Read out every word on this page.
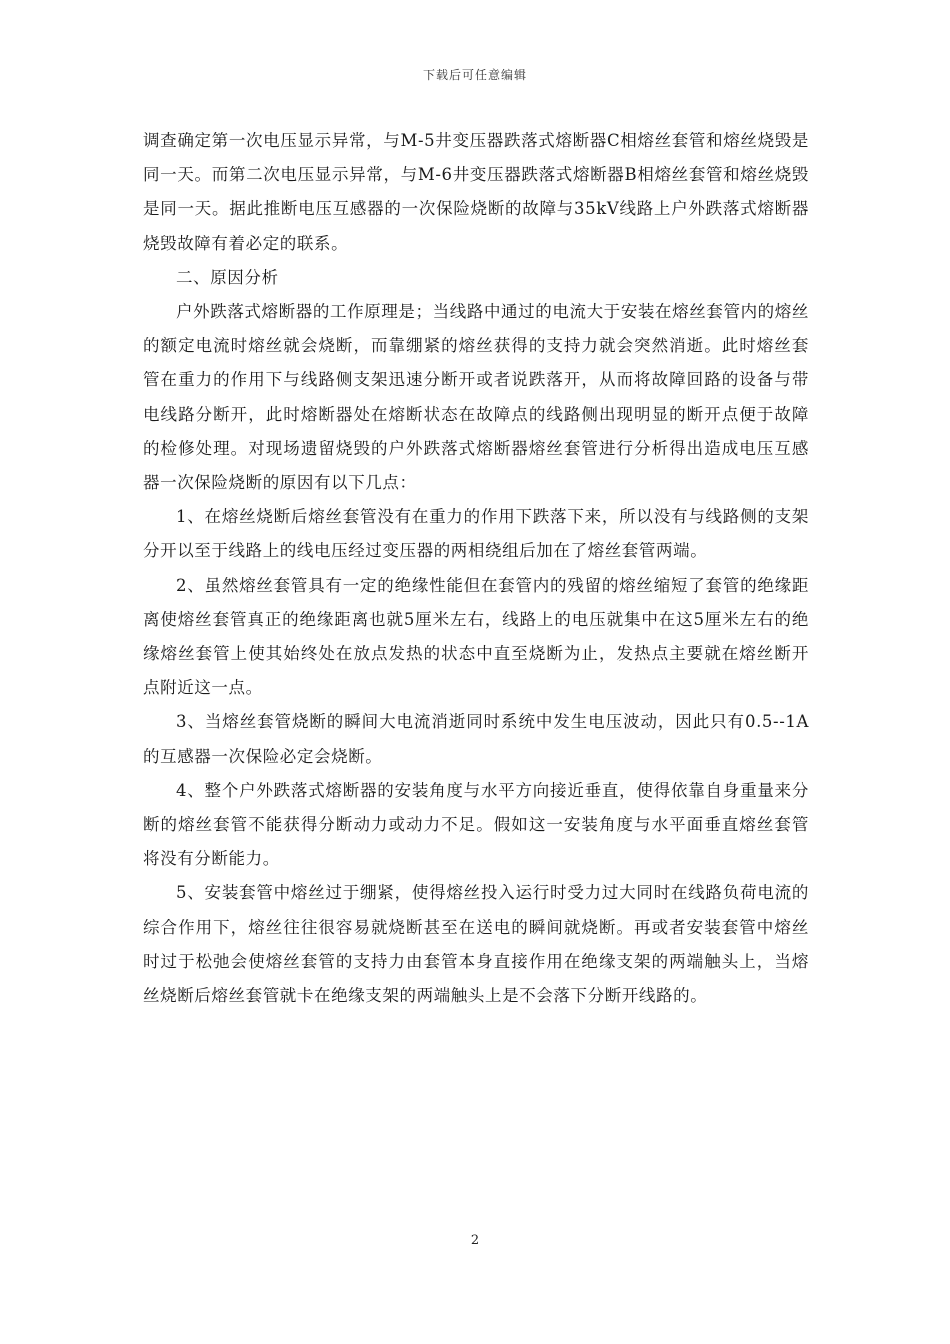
下载后可任意编辑

调查确定第一次电压显示异常，与M-5井变压器跌落式熔断器C相熔丝套管和熔丝烧毁是同一天。而第二次电压显示异常，与M-6井变压器跌落式熔断器B相熔丝套管和熔丝烧毁是同一天。据此推断电压互感器的一次保险烧断的故障与35kV线路上户外跌落式熔断器烧毁故障有着必定的联系。

二、原因分析

户外跌落式熔断器的工作原理是；当线路中通过的电流大于安装在熔丝套管内的熔丝的额定电流时熔丝就会烧断，而靠绷紧的熔丝获得的支持力就会突然消逝。此时熔丝套管在重力的作用下与线路侧支架迅速分断开或者说跌落开，从而将故障回路的设备与带电线路分断开，此时熔断器处在熔断状态在故障点的线路侧出现明显的断开点便于故障的检修处理。对现场遗留烧毁的户外跌落式熔断器熔丝套管进行分析得出造成电压互感器一次保险烧断的原因有以下几点：

1、在熔丝烧断后熔丝套管没有在重力的作用下跌落下来，所以没有与线路侧的支架分开以至于线路上的线电压经过变压器的两相绕组后加在了熔丝套管两端。

2、虽然熔丝套管具有一定的绝缘性能但在套管内的残留的熔丝缩短了套管的绝缘距离使熔丝套管真正的绝缘距离也就5厘米左右，线路上的电压就集中在这5厘米左右的绝缘熔丝套管上使其始终处在放点发热的状态中直至烧断为止，发热点主要就在熔丝断开点附近这一点。

3、当熔丝套管烧断的瞬间大电流消逝同时系统中发生电压波动，因此只有0.5--1A的互感器一次保险必定会烧断。

4、整个户外跌落式熔断器的安装角度与水平方向接近垂直，使得依靠自身重量来分断的熔丝套管不能获得分断动力或动力不足。假如这一安装角度与水平面垂直熔丝套管将没有分断能力。

5、安装套管中熔丝过于绷紧，使得熔丝投入运行时受力过大同时在线路负荷电流的综合作用下，熔丝往往很容易就烧断甚至在送电的瞬间就烧断。再或者安装套管中熔丝时过于松弛会使熔丝套管的支持力由套管本身直接作用在绝缘支架的两端触头上，当熔丝烧断后熔丝套管就卡在绝缘支架的两端触头上是不会落下分断开线路的。

2
